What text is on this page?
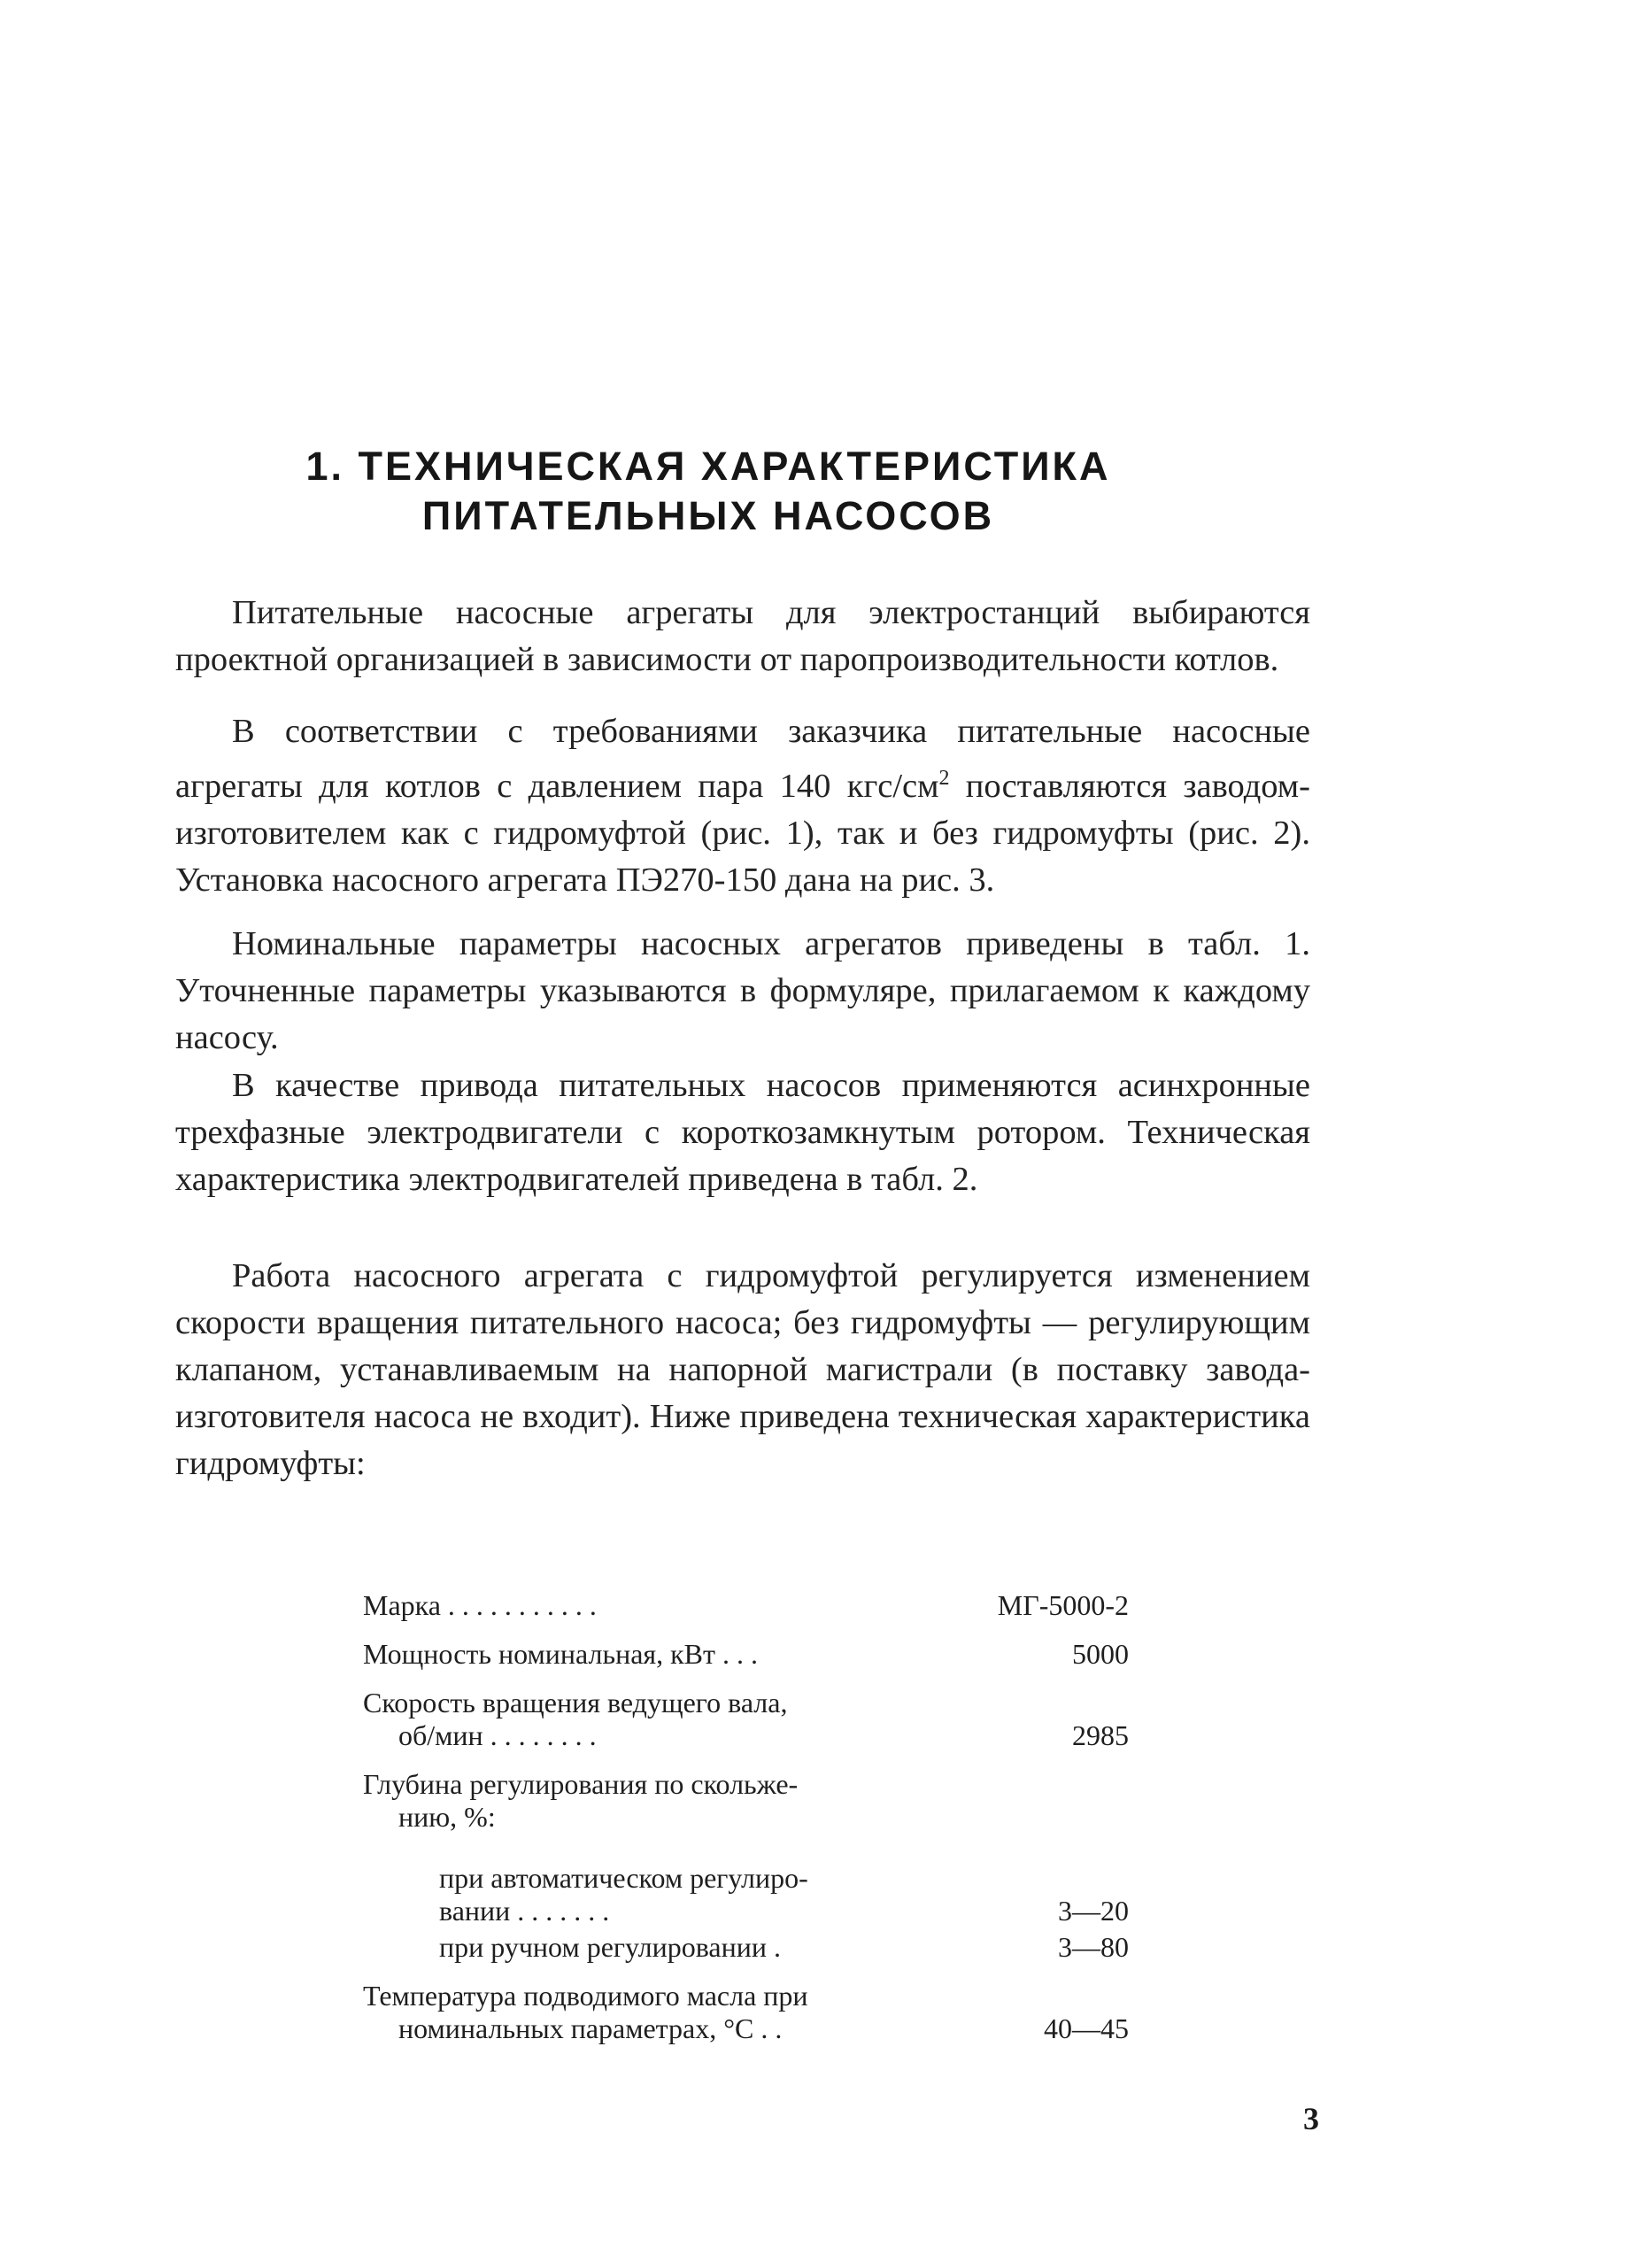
1. ТЕХНИЧЕСКАЯ ХАРАКТЕРИСТИКА
ПИТАТЕЛЬНЫХ НАСОСОВ

Питательные насосные агрегаты для электростанций выбираются проектной организацией в зависимости от паропроизводительности котлов.

В соответствии с требованиями заказчика питательные насосные агрегаты для котлов с давлением пара 140 кгс/$см^2$ поставляются заводом-изготовителем как с гидромуфтой (рис. 1), так и без гидромуфты (рис. 2). Установка насосного агрегата ПЭ270-150 дана на рис. 3.

Номинальные параметры насосных агрегатов приведены в табл. 1. Уточненные параметры указываются в формуляре, прилагаемом к каждому насосу.

В качестве привода питательных насосов применяются асинхронные трехфазные электродвигатели с короткозамкнутым ротором. Техническая характеристика электродвигателей приведена в табл. 2.

Работа насосного агрегата с гидромуфтой регулируется изменением скорости вращения питательного насоса; без гидромуфты — регулирующим клапаном, устанавливаемым на напорной магистрали (в поставку завода-изготовителя насоса не входит). Ниже приведена техническая характеристика гидромуфты:

Марка . . . . . . . . . . .	МГ-5000-2
Мощность номинальная, кВт . . .	5000
Скорость вращения ведущего вала,
об/мин . . . . . . . .	2985
Глубина регулирования по скольже-
нию, %:
при автоматическом регулиро-
вании . . . . . . .	3—20
при ручном регулировании .	3—80
Температура подводимого масла при
номинальных параметрах, °С . .	40—45
3
